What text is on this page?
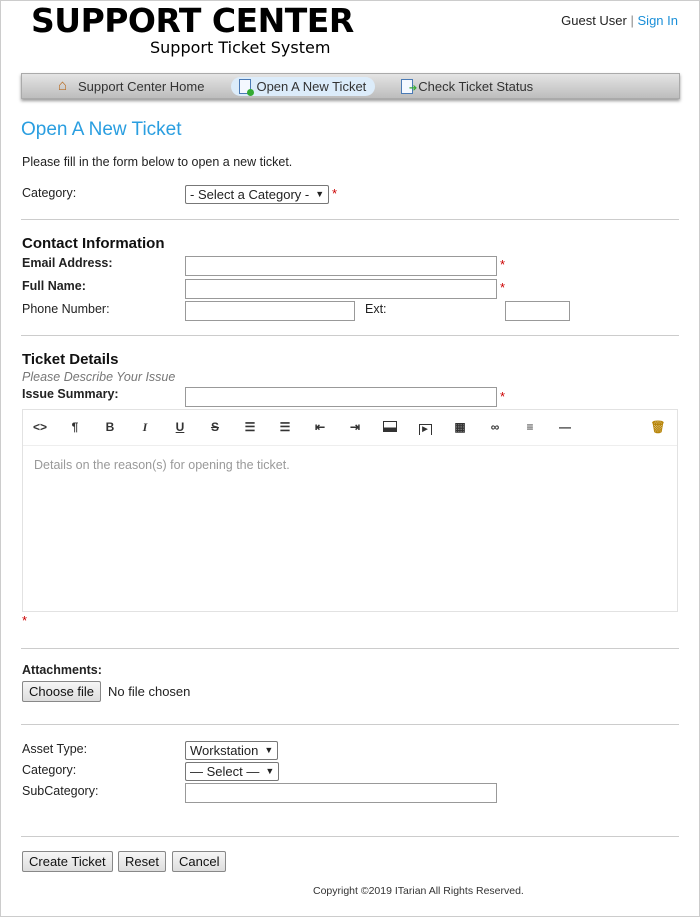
SUPPORT CENTER
Support Ticket System
Guest User | Sign In
⌂ Support Center Home	Open A New Ticket	➔ Check Ticket Status
Open A New Ticket
Please fill in the form below to open a new ticket.
Category:	- Select a Category - ▼ *
Contact Information
Email Address:	*
Full Name:	*
Phone Number:	Ext:
Ticket Details
Please Describe Your Issue
Issue Summary:	*
<>	¶	B	I	U	S	☰	☰	⇤	⇥	▶	▦	∞	≡	—	🗑
Details on the reason(s) for opening the ticket.
*
Attachments:
Choose file	No file chosen
Asset Type:	Workstation ▼
Category:	— Select — ▼
SubCategory:
Create Ticket	Reset	Cancel
Copyright ©2019 ITarian All Rights Reserved.
